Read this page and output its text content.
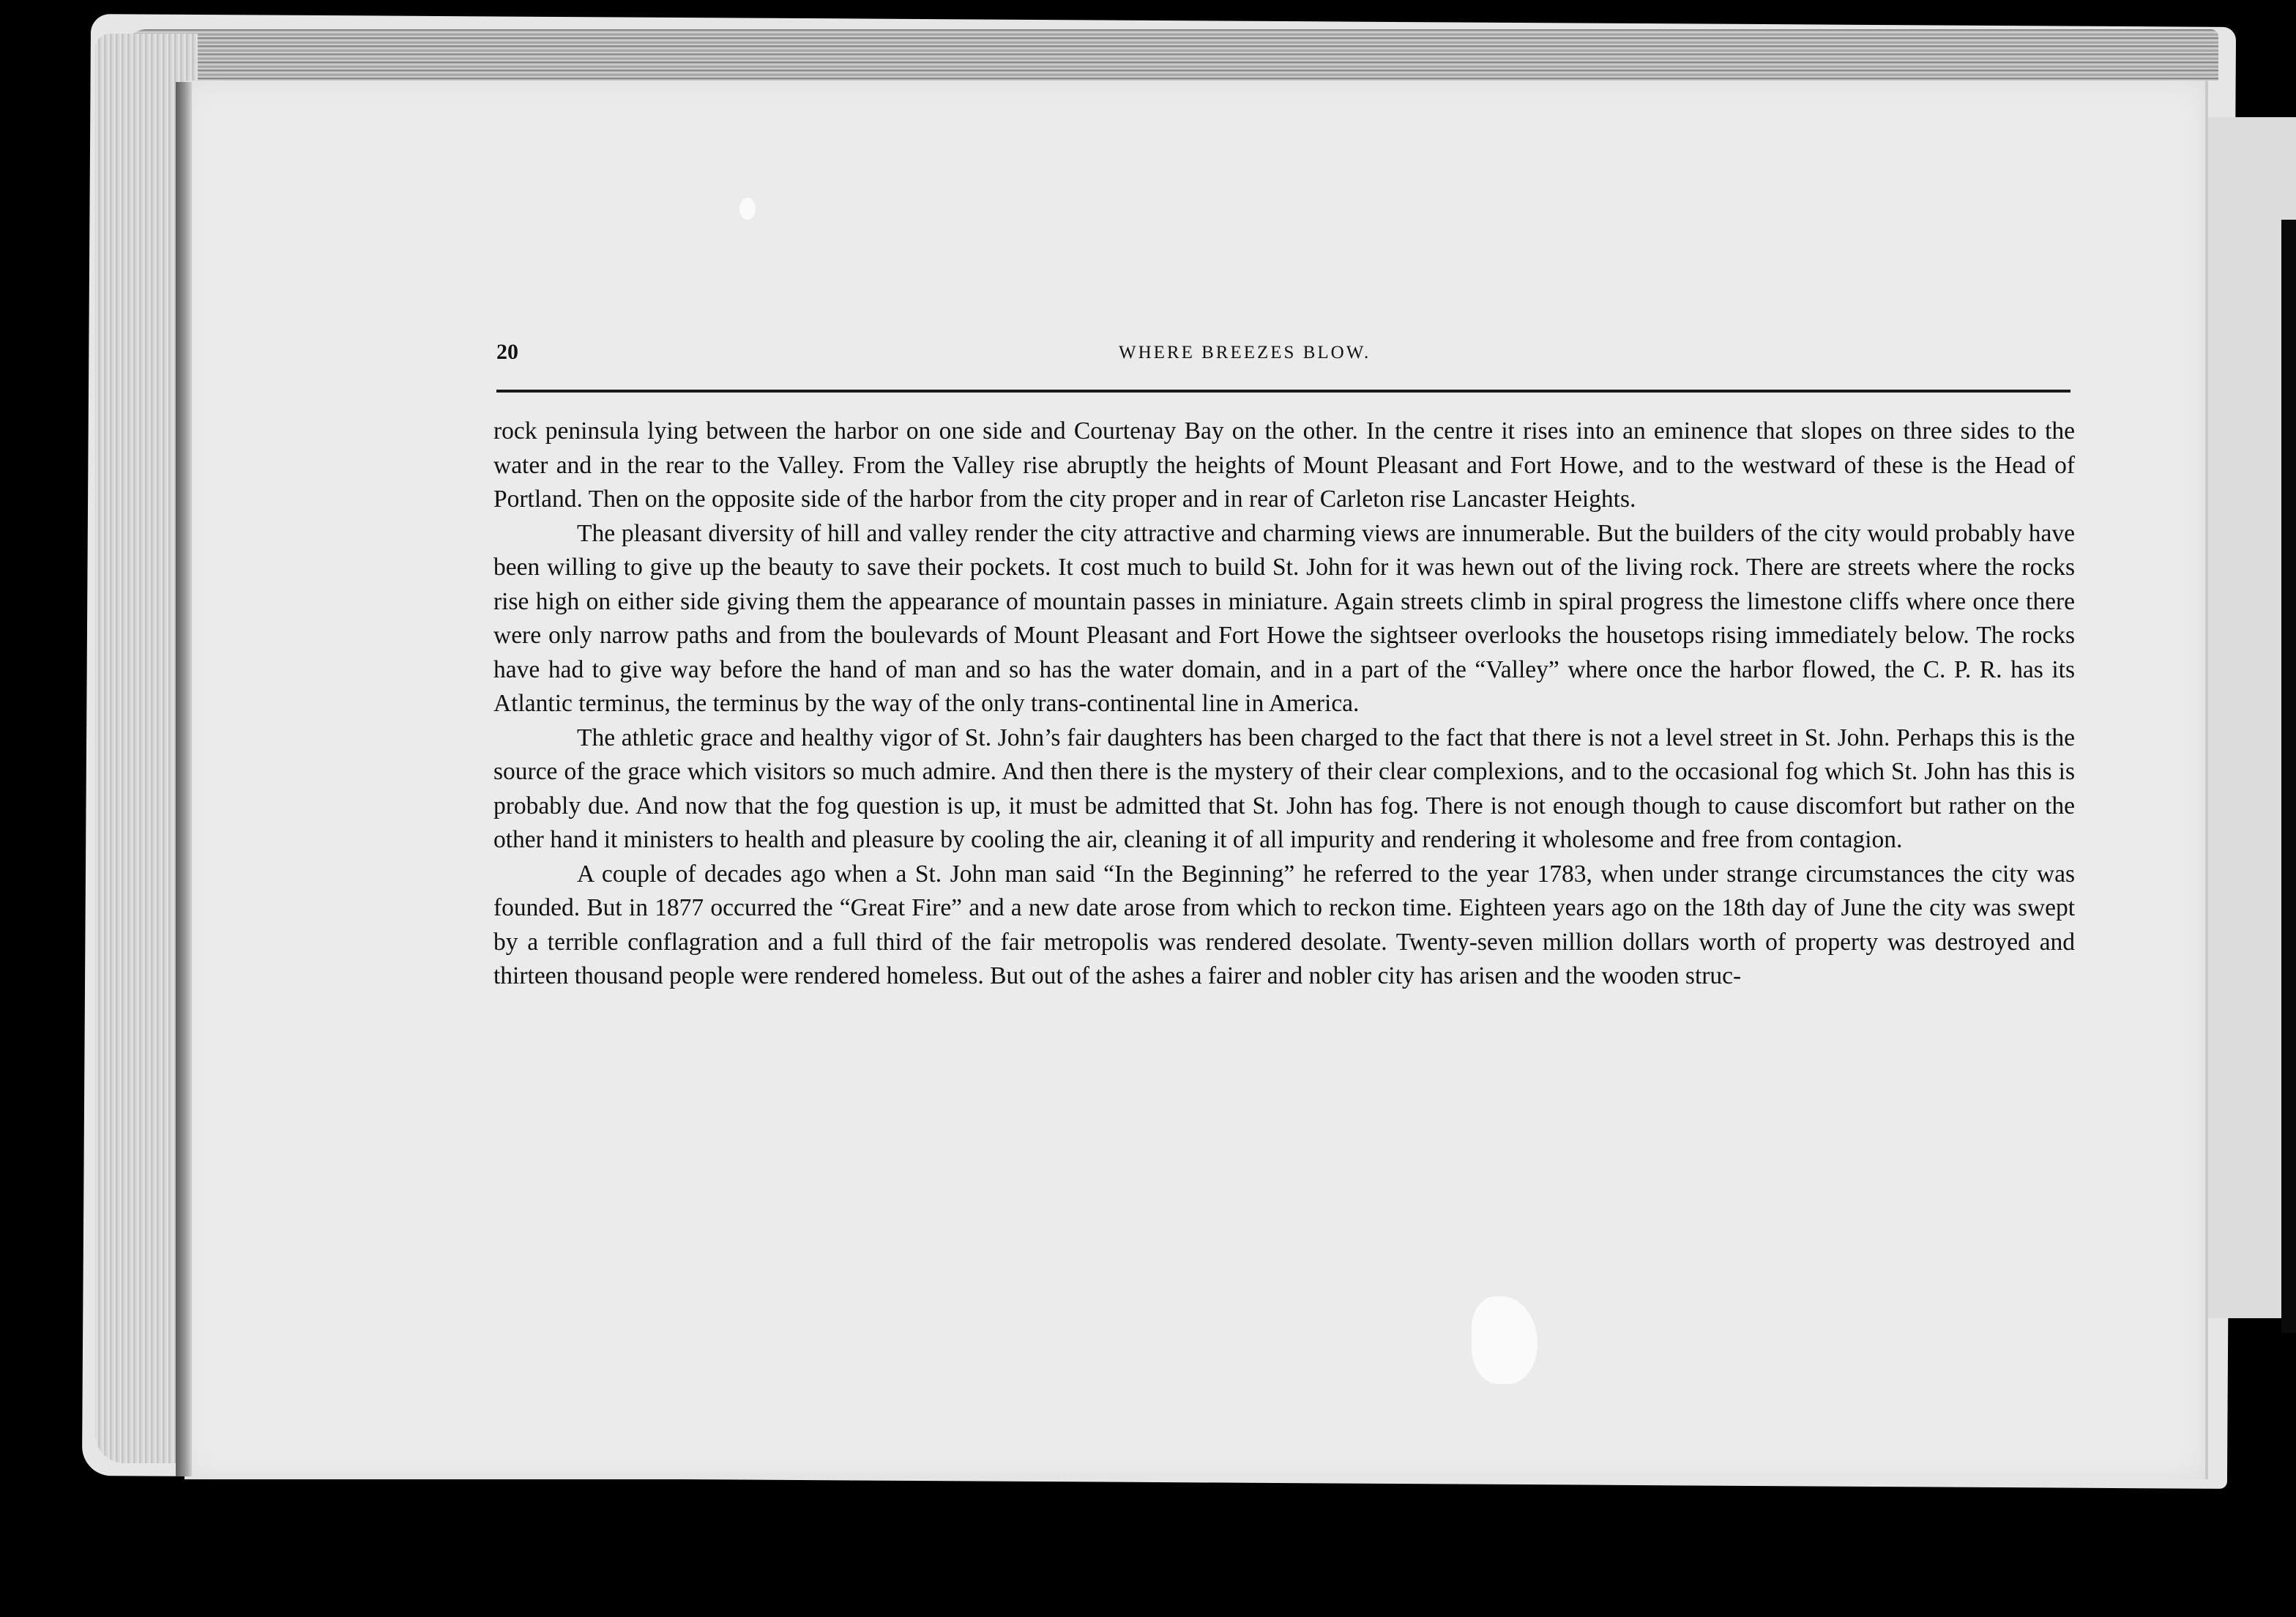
20	WHERE BREEZES BLOW.

rock peninsula lying between the harbor on one side and Courtenay Bay on the other. In the centre it rises into an eminence that slopes on three sides to the water and in the rear to the Valley. From the Valley rise abruptly the heights of Mount Pleasant and Fort Howe, and to the westward of these is the Head of Portland. Then on the opposite side of the harbor from the city proper and in rear of Carleton rise Lancaster Heights.

The pleasant diversity of hill and valley render the city attractive and charming views are innumerable. But the builders of the city would probably have been willing to give up the beauty to save their pockets. It cost much to build St. John for it was hewn out of the living rock. There are streets where the rocks rise high on either side giving them the appearance of mountain passes in miniature. Again streets climb in spiral progress the limestone cliffs where once there were only narrow paths and from the boulevards of Mount Pleasant and Fort Howe the sightseer overlooks the housetops rising immediately below. The rocks have had to give way before the hand of man and so has the water domain, and in a part of the “Valley” where once the harbor flowed, the C. P. R. has its Atlantic terminus, the terminus by the way of the only trans-continental line in America.

The athletic grace and healthy vigor of St. John’s fair daughters has been charged to the fact that there is not a level street in St. John. Perhaps this is the source of the grace which visitors so much admire. And then there is the mystery of their clear complexions, and to the occasional fog which St. John has this is probably due. And now that the fog question is up, it must be admitted that St. John has fog. There is not enough though to cause discomfort but rather on the other hand it ministers to health and pleasure by cooling the air, cleaning it of all impurity and rendering it wholesome and free from contagion.

A couple of decades ago when a St. John man said “In the Beginning” he referred to the year 1783, when under strange circumstances the city was founded. But in 1877 occurred the “Great Fire” and a new date arose from which to reckon time. Eighteen years ago on the 18th day of June the city was swept by a terrible conflagration and a full third of the fair metropolis was rendered desolate. Twenty-seven million dollars worth of property was destroyed and thirteen thousand people were rendered homeless. But out of the ashes a fairer and nobler city has arisen and the wooden struc-
